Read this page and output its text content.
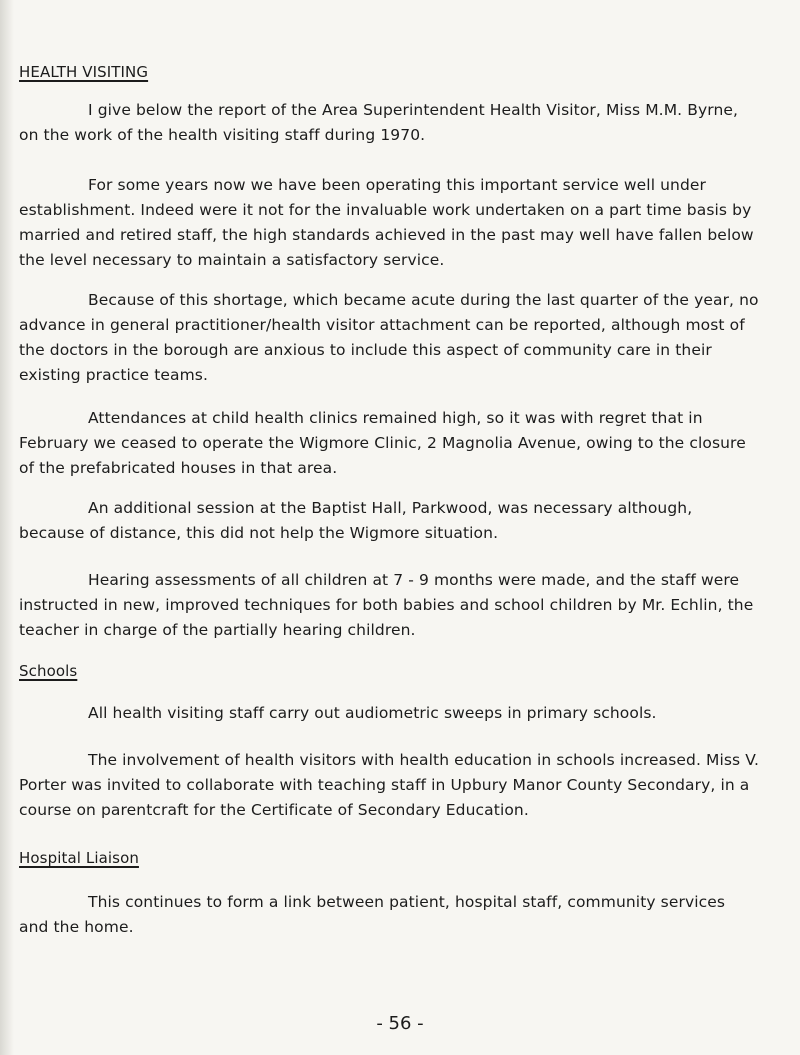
HEALTH VISITING

I give below the report of the Area Superintendent Health Visitor, Miss M.M. Byrne, on the work of the health visiting staff during 1970.

For some years now we have been operating this important service well under establishment. Indeed were it not for the invaluable work undertaken on a part time basis by married and retired staff, the high standards achieved in the past may well have fallen below the level necessary to maintain a satisfactory service.

Because of this shortage, which became acute during the last quarter of the year, no advance in general practitioner/health visitor attachment can be reported, although most of the doctors in the borough are anxious to include this aspect of community care in their existing practice teams.

Attendances at child health clinics remained high, so it was with regret that in February we ceased to operate the Wigmore Clinic, 2 Magnolia Avenue, owing to the closure of the prefabricated houses in that area.

An additional session at the Baptist Hall, Parkwood, was necessary although, because of distance, this did not help the Wigmore situation.

Hearing assessments of all children at 7 - 9 months were made, and the staff were instructed in new, improved techniques for both babies and school children by Mr. Echlin, the teacher in charge of the partially hearing children.

Schools

All health visiting staff carry out audiometric sweeps in primary schools.

The involvement of health visitors with health education in schools increased. Miss V. Porter was invited to collaborate with teaching staff in Upbury Manor County Secondary, in a course on parentcraft for the Certificate of Secondary Education.

Hospital Liaison

This continues to form a link between patient, hospital staff, community services and the home.

- 56 -
